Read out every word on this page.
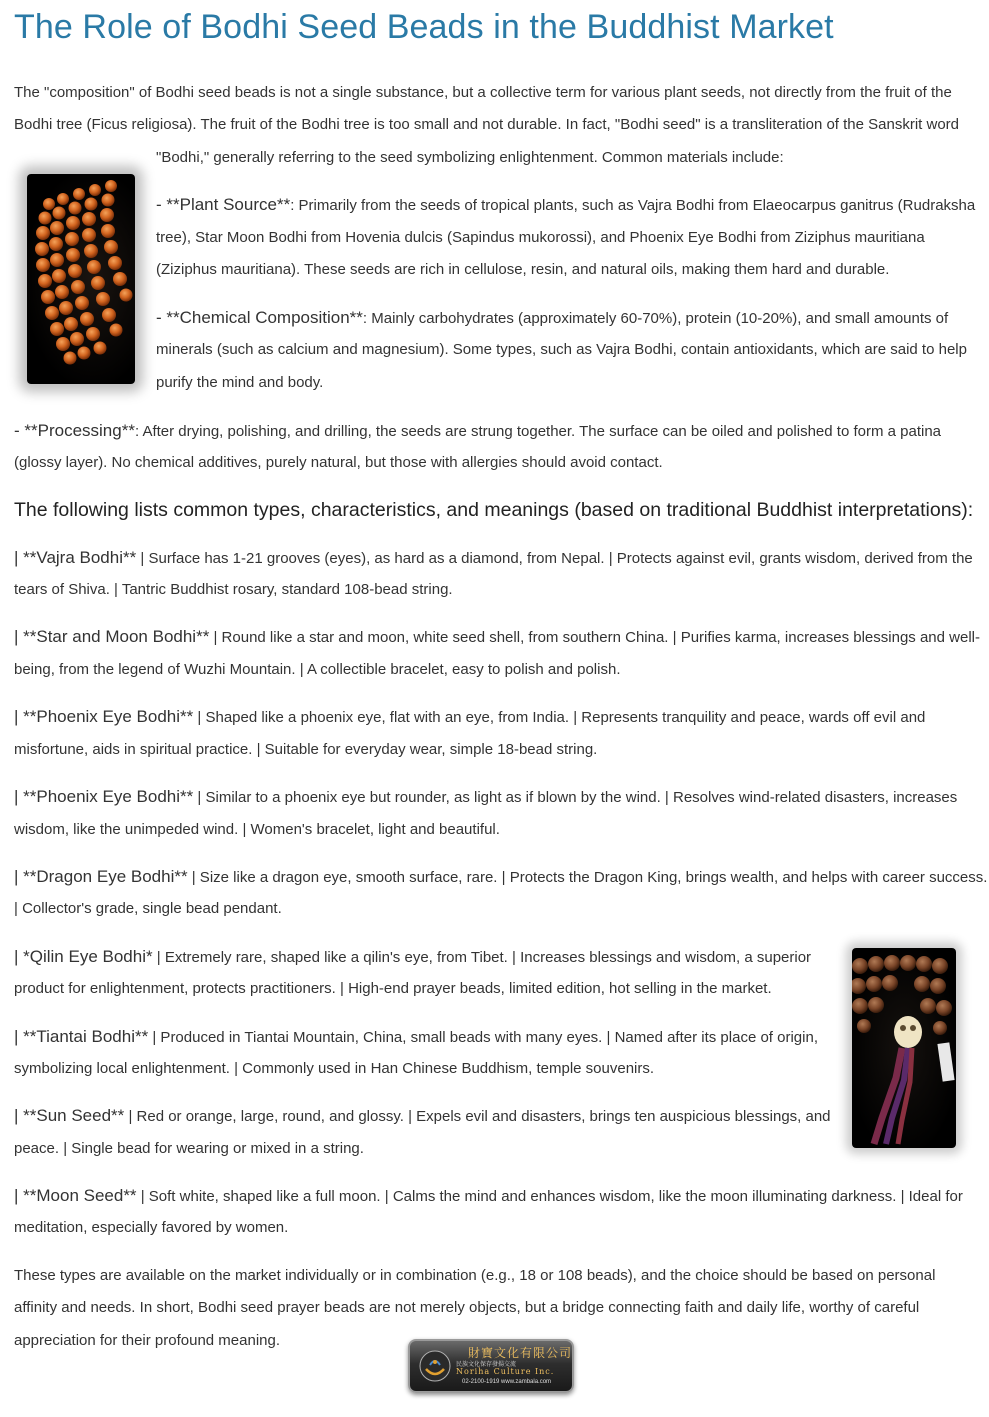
The Role of Bodhi Seed Beads in the Buddhist Market
The "composition" of Bodhi seed beads is not a single substance, but a collective term for various plant seeds, not directly from the fruit of the
Bodhi tree (Ficus religiosa). The fruit of the Bodhi tree is too small and not durable. In fact, "Bodhi seed" is a transliteration of the Sanskrit word
"Bodhi," generally referring to the seed symbolizing enlightenment. Common materials include:
- **Plant Source**: Primarily from the seeds of tropical plants, such as Vajra Bodhi from Elaeocarpus ganitrus (Rudraksha
tree), Star Moon Bodhi from Hovenia dulcis (Sapindus mukorossi), and Phoenix Eye Bodhi from Ziziphus mauritiana
(Ziziphus mauritiana). These seeds are rich in cellulose, resin, and natural oils, making them hard and durable.
- **Chemical Composition**: Mainly carbohydrates (approximately 60-70%), protein (10-20%), and small amounts of
minerals (such as calcium and magnesium). Some types, such as Vajra Bodhi, contain antioxidants, which are said to help
purify the mind and body.
- **Processing**: After drying, polishing, and drilling, the seeds are strung together. The surface can be oiled and polished to form a patina
(glossy layer). No chemical additives, purely natural, but those with allergies should avoid contact.
The following lists common types, characteristics, and meanings (based on traditional Buddhist interpretations):
| **Vajra Bodhi** | Surface has 1-21 grooves (eyes), as hard as a diamond, from Nepal. | Protects against evil, grants wisdom, derived from the
tears of Shiva. | Tantric Buddhist rosary, standard 108-bead string.
| **Star and Moon Bodhi** | Round like a star and moon, white seed shell, from southern China. | Purifies karma, increases blessings and well-
being, from the legend of Wuzhi Mountain. | A collectible bracelet, easy to polish and polish.
| **Phoenix Eye Bodhi** | Shaped like a phoenix eye, flat with an eye, from India. | Represents tranquility and peace, wards off evil and
misfortune, aids in spiritual practice. | Suitable for everyday wear, simple 18-bead string.
| **Phoenix Eye Bodhi** | Similar to a phoenix eye but rounder, as light as if blown by the wind. | Resolves wind-related disasters, increases
wisdom, like the unimpeded wind. | Women's bracelet, light and beautiful.
| **Dragon Eye Bodhi** | Size like a dragon eye, smooth surface, rare. | Protects the Dragon King, brings wealth, and helps with career success.
| Collector's grade, single bead pendant.
| *Qilin Eye Bodhi* | Extremely rare, shaped like a qilin's eye, from Tibet. | Increases blessings and wisdom, a superior
product for enlightenment, protects practitioners. | High-end prayer beads, limited edition, hot selling in the market.
| **Tiantai Bodhi** | Produced in Tiantai Mountain, China, small beads with many eyes. | Named after its place of origin,
symbolizing local enlightenment. | Commonly used in Han Chinese Buddhism, temple souvenirs.
| **Sun Seed** | Red or orange, large, round, and glossy. | Expels evil and disasters, brings ten auspicious blessings, and
peace. | Single bead for wearing or mixed in a string.
| **Moon Seed** | Soft white, shaped like a full moon. | Calms the mind and enhances wisdom, like the moon illuminating darkness. | Ideal for
meditation, especially favored by women.
These types are available on the market individually or in combination (e.g., 18 or 108 beads), and the choice should be based on personal
affinity and needs. In short, Bodhi seed prayer beads are not merely objects, but a bridge connecting faith and daily life, worthy of careful
appreciation for their profound meaning.
財寶文化有限公司
民族文化保存發揚交流
Noriha Culture Inc.
02-2100-1919 www.zambala.com
